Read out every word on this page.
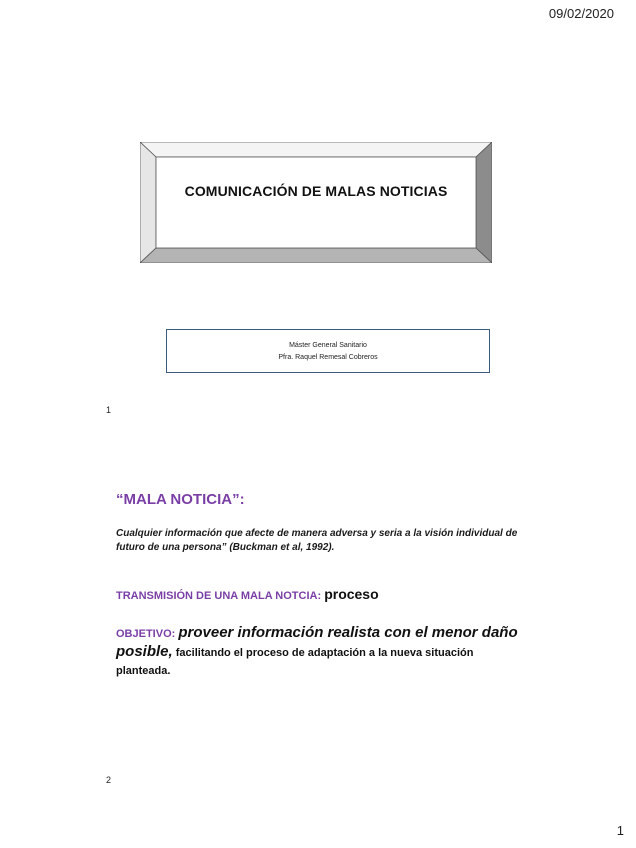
09/02/2020
COMUNICACIÓN DE MALAS NOTICIAS
Máster General Sanitario
Pfra. Raquel Remesal Cobreros
1
“MALA NOTICIA”:
Cualquier información que afecte de manera adversa y seria a la visión individual de futuro de una persona” (Buckman et al, 1992).
TRANSMISIÓN DE UNA MALA NOTCIA: proceso
OBJETIVO: proveer información realista con el menor daño posible, facilitando el proceso de adaptación a la nueva situación planteada.
2
1
